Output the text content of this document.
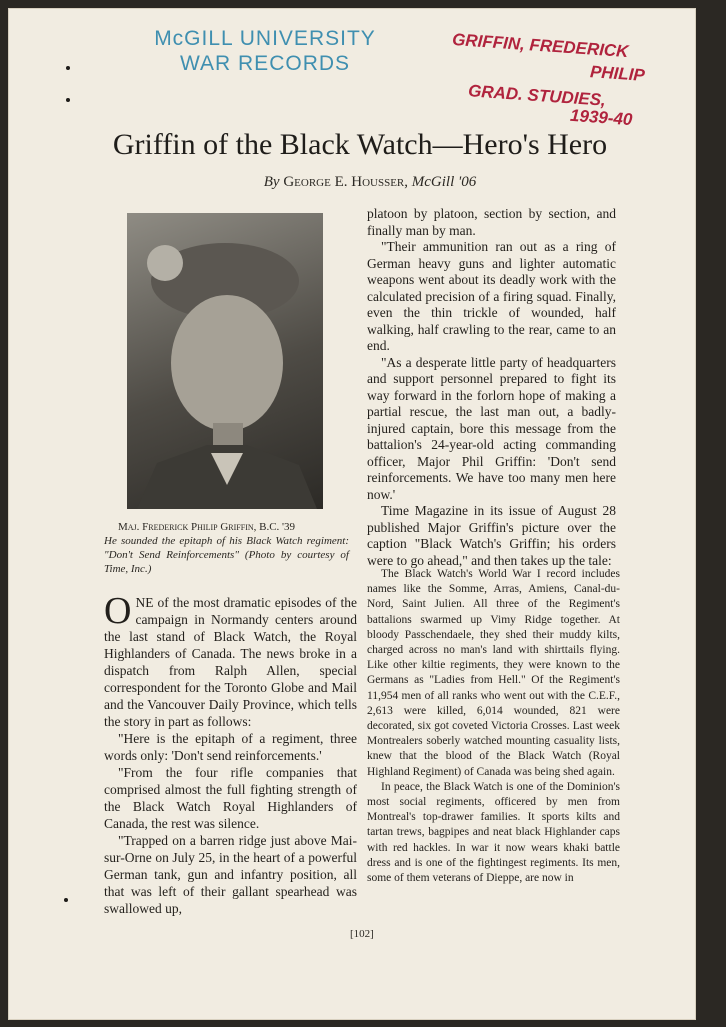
McGILL UNIVERSITY
WAR RECORDS
GRIFFIN, FREDERICK
PHILIP
GRAD. STUDIES,
1939-40
Griffin of the Black Watch—Hero's Hero
By George E. Housser, McGill '06
Maj. Frederick Philip Griffin, B.C. '39
He sounded the epitaph of his Black Watch regiment: "Don't Send Reinforcements" (Photo by courtesy of Time, Inc.)

ONE of the most dramatic episodes of the campaign in Normandy centers around the last stand of Black Watch, the Royal Highlanders of Canada. The news broke in a dispatch from Ralph Allen, special correspondent for the Toronto Globe and Mail and the Vancouver Daily Province, which tells the story in part as follows:

"Here is the epitaph of a regiment, three words only: 'Don't send reinforcements.'

"From the four rifle companies that comprised almost the full fighting strength of the Black Watch Royal Highlanders of Canada, the rest was silence.

"Trapped on a barren ridge just above Mai-sur-Orne on July 25, in the heart of a powerful German tank, gun and infantry position, all that was left of their gallant spearhead was swallowed up,

platoon by platoon, section by section, and finally man by man.

"Their ammunition ran out as a ring of German heavy guns and lighter automatic weapons went about its deadly work with the calculated precision of a firing squad. Finally, even the thin trickle of wounded, half walking, half crawling to the rear, came to an end.

"As a desperate little party of headquarters and support personnel prepared to fight its way forward in the forlorn hope of making a partial rescue, the last man out, a badly-injured captain, bore this message from the battalion's 24-year-old acting commanding officer, Major Phil Griffin: 'Don't send reinforcements. We have too many men here now.'

Time Magazine in its issue of August 28 published Major Griffin's picture over the caption "Black Watch's Griffin; his orders were to go ahead," and then takes up the tale:

The Black Watch's World War I record includes names like the Somme, Arras, Amiens, Canal-du-Nord, Saint Julien. All three of the Regiment's battalions swarmed up Vimy Ridge together. At bloody Passchendaele, they shed their muddy kilts, charged across no man's land with shirttails flying. Like other kiltie regiments, they were known to the Germans as "Ladies from Hell." Of the Regiment's 11,954 men of all ranks who went out with the C.E.F., 2,613 were killed, 6,014 wounded, 821 were decorated, six got coveted Victoria Crosses. Last week Montrealers soberly watched mounting casuality lists, knew that the blood of the Black Watch (Royal Highland Regiment) of Canada was being shed again.

In peace, the Black Watch is one of the Dominion's most social regiments, officered by men from Montreal's top-drawer families. It sports kilts and tartan trews, bagpipes and neat black Highlander caps with red hackles. In war it now wears khaki battle dress and is one of the fightingest regiments. Its men, some of them veterans of Dieppe, are now in

[102]
